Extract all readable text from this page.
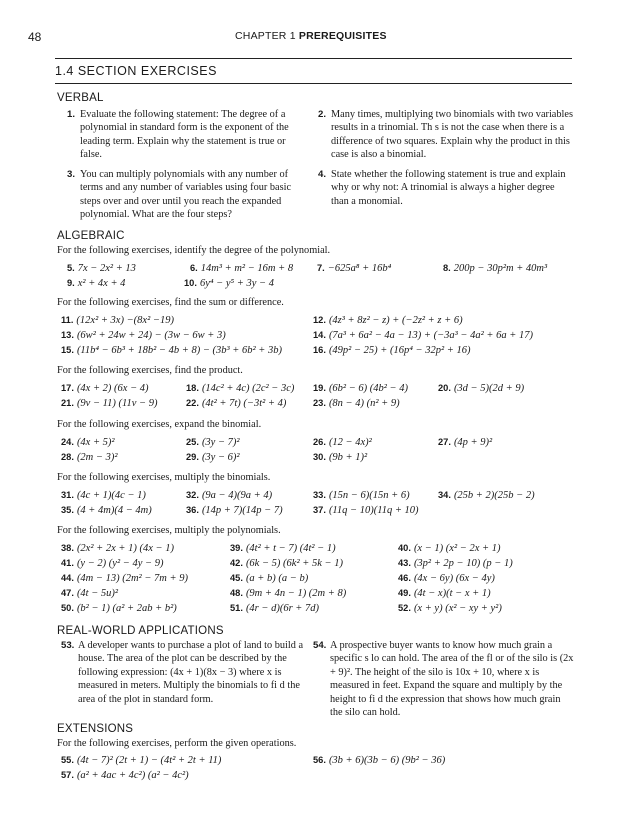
48	CHAPTER 1 PREREQUISITES
1.4 SECTION EXERCISES
VERBAL
1. Evaluate the following statement: The degree of a polynomial in standard form is the exponent of the leading term. Explain why the statement is true or false.
2. Many times, multiplying two binomials with two variables results in a trinomial. Th s is not the case when there is a difference of two squares. Explain why the product in this case is also a binomial.
3. You can multiply polynomials with any number of terms and any number of variables using four basic steps over and over until you reach the expanded polynomial. What are the four steps?
4. State whether the following statement is true and explain why or why not: A trinomial is always a higher degree than a monomial.
ALGEBRAIC
For the following exercises, identify the degree of the polynomial.
5. 7x − 2x² + 13	6. 14m³ + m² − 16m + 8	7. −625a⁸ + 16b⁴	8. 200p − 30p²m + 40m³
9. x² + 4x + 4	10. 6y⁴ − y⁵ + 3y − 4
For the following exercises, find the sum or difference.
11. (12x² + 3x) −(8x² −19)	12. (4z³ + 8z² − z) + (−2z² + z + 6)
13. (6w² + 24w + 24) − (3w − 6w + 3)	14. (7a³ + 6a² − 4a − 13) + (−3a³ − 4a² + 6a + 17)
15. (11b⁴ − 6b³ + 18b² − 4b + 8) − (3b³ + 6b² + 3b)	16. (49p² − 25) + (16p⁴ − 32p² + 16)
For the following exercises, find the product.
17. (4x + 2) (6x − 4)	18. (14c² + 4c) (2c² − 3c) 19. (6b² − 6) (4b² − 4)	20. (3d − 5)(2d + 9)
21. (9v − 11) (11v − 9)	22. (4t² + 7t) (−3t² + 4)	23. (8n − 4) (n² + 9)
For the following exercises, expand the binomial.
24. (4x + 5)²	25. (3y − 7)²	26. (12 − 4x)²	27. (4p + 9)²
28. (2m − 3)²	29. (3y − 6)²	30. (9b + 1)²
For the following exercises, multiply the binomials.
31. (4c + 1)(4c − 1)	32. (9a − 4)(9a + 4)	33. (15n − 6)(15n + 6)	34. (25b + 2)(25b − 2)
35. (4 + 4m)(4 − 4m)	36. (14p + 7)(14p − 7)	37. (11q − 10)(11q + 10)
For the following exercises, multiply the polynomials.
38. (2x² + 2x + 1) (4x − 1)	39. (4t² + t − 7) (4t² − 1)	40. (x − 1) (x² − 2x + 1)
41. (y − 2) (y² − 4y − 9)	42. (6k − 5) (6k² + 5k − 1)	43. (3p² + 2p − 10) (p − 1)
44. (4m − 13) (2m² − 7m + 9)	45. (a + b) (a − b)	46. (4x − 6y) (6x − 4y)
47. (4t − 5u)²	48. (9m + 4n − 1) (2m + 8)	49. (4t − x)(t − x + 1)
50. (b² − 1) (a² + 2ab + b²)	51. (4r − d)(6r + 7d)	52. (x + y) (x² − xy + y²)
REAL-WORLD APPLICATIONS
53. A developer wants to purchase a plot of land to build a house. The area of the plot can be described by the following expression: (4x + 1)(8x − 3) where x is measured in meters. Multiply the binomials to fi d the area of the plot in standard form.
54. A prospective buyer wants to know how much grain a specific s lo can hold. The area of the fl or of the silo is (2x + 9)². The height of the silo is 10x + 10, where x is measured in feet. Expand the square and multiply by the height to fi d the expression that shows how much grain the silo can hold.
EXTENSIONS
For the following exercises, perform the given operations.
55. (4t − 7)² (2t + 1) − (4t² + 2t + 11)	56. (3b + 6)(3b − 6) (9b² − 36)
57. (a² + 4ac + 4c²) (a² − 4c²)
